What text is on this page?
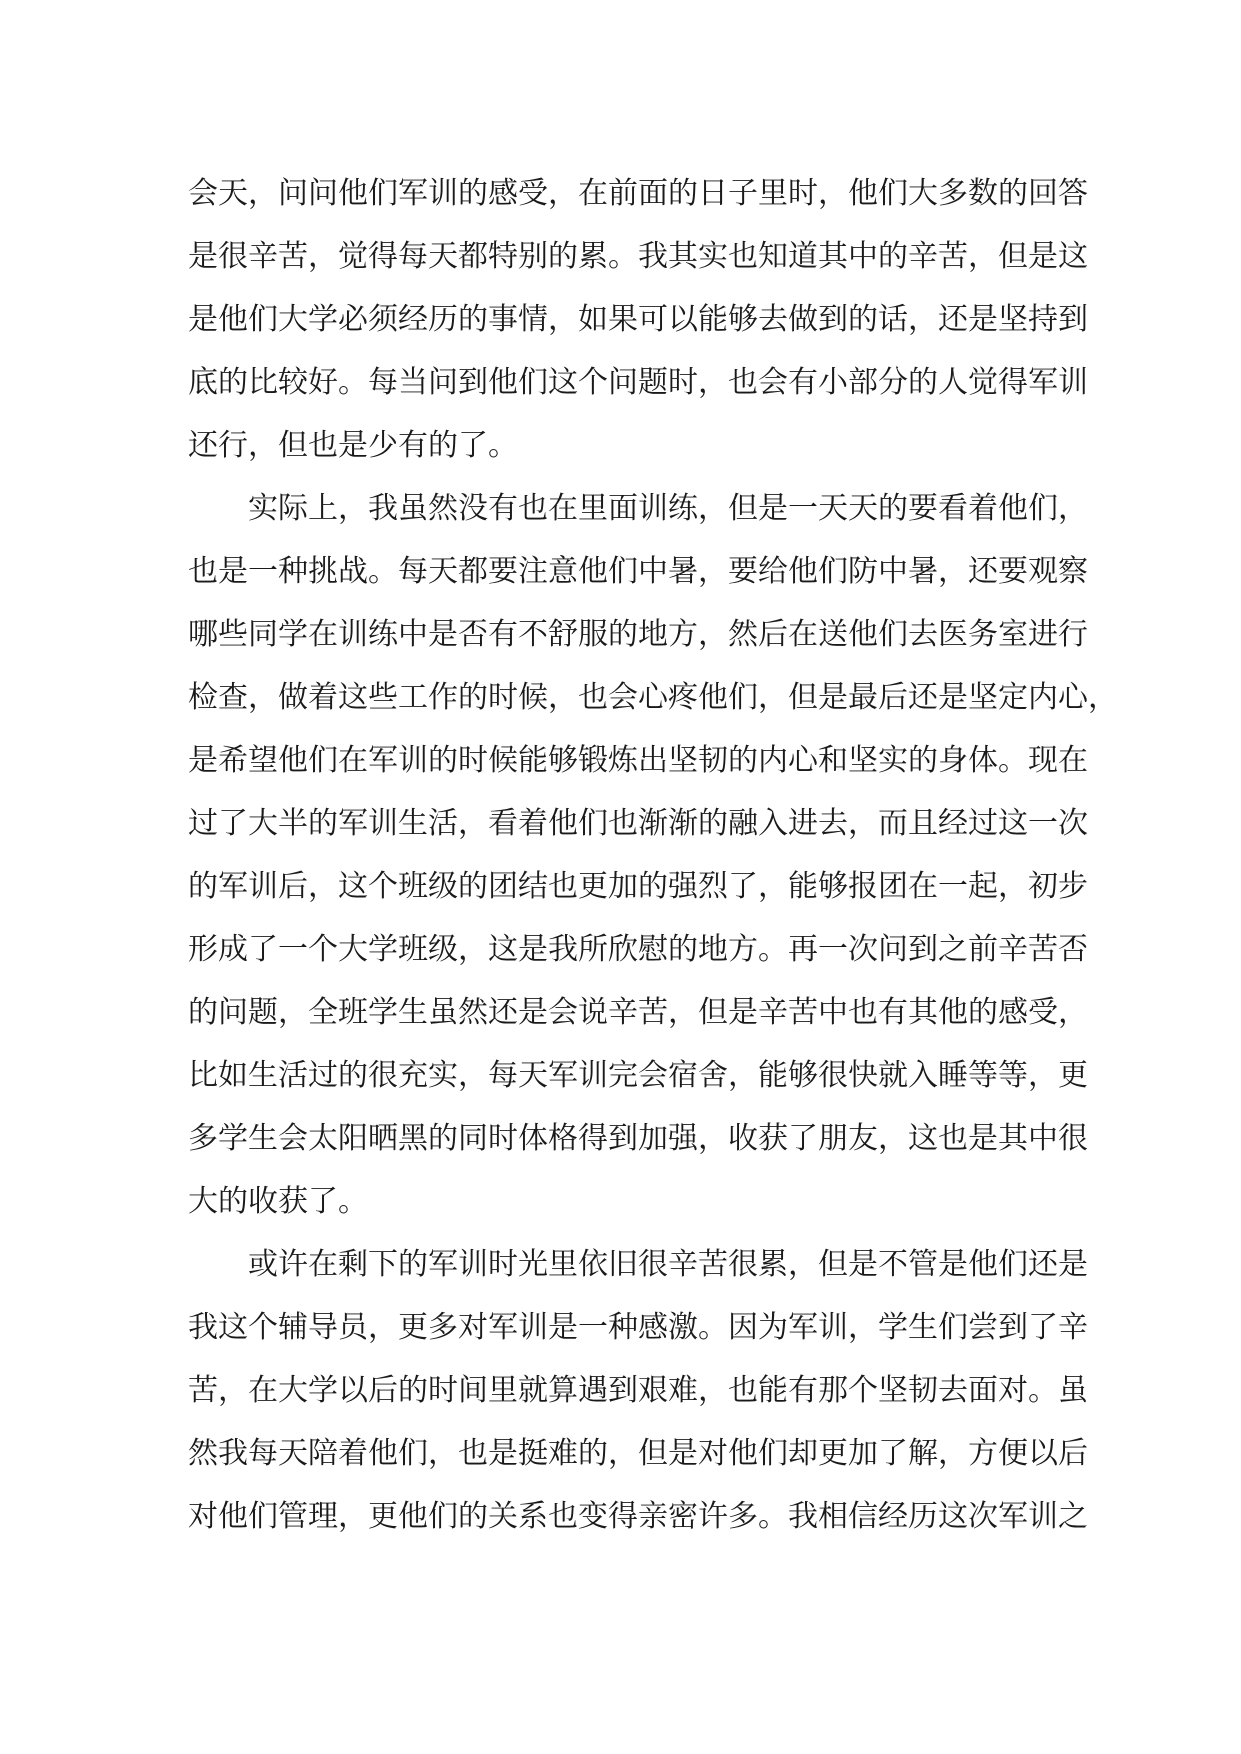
会天，问问他们军训的感受，在前面的日子里时，他们大多数的回答
是很辛苦，觉得每天都特别的累。我其实也知道其中的辛苦，但是这
是他们大学必须经历的事情，如果可以能够去做到的话，还是坚持到
底的比较好。每当问到他们这个问题时，也会有小部分的人觉得军训
还行，但也是少有的了。
实际上，我虽然没有也在里面训练，但是一天天的要看着他们，
也是一种挑战。每天都要注意他们中暑，要给他们防中暑，还要观察
哪些同学在训练中是否有不舒服的地方，然后在送他们去医务室进行
检查，做着这些工作的时候，也会心疼他们，但是最后还是坚定内心，
是希望他们在军训的时候能够锻炼出坚韧的内心和坚实的身体。现在
过了大半的军训生活，看着他们也渐渐的融入进去，而且经过这一次
的军训后，这个班级的团结也更加的强烈了，能够报团在一起，初步
形成了一个大学班级，这是我所欣慰的地方。再一次问到之前辛苦否
的问题，全班学生虽然还是会说辛苦，但是辛苦中也有其他的感受，
比如生活过的很充实，每天军训完会宿舍，能够很快就入睡等等，更
多学生会太阳晒黑的同时体格得到加强，收获了朋友，这也是其中很
大的收获了。
或许在剩下的军训时光里依旧很辛苦很累，但是不管是他们还是
我这个辅导员，更多对军训是一种感激。因为军训，学生们尝到了辛
苦，在大学以后的时间里就算遇到艰难，也能有那个坚韧去面对。虽
然我每天陪着他们，也是挺难的，但是对他们却更加了解，方便以后
对他们管理，更他们的关系也变得亲密许多。我相信经历这次军训之
